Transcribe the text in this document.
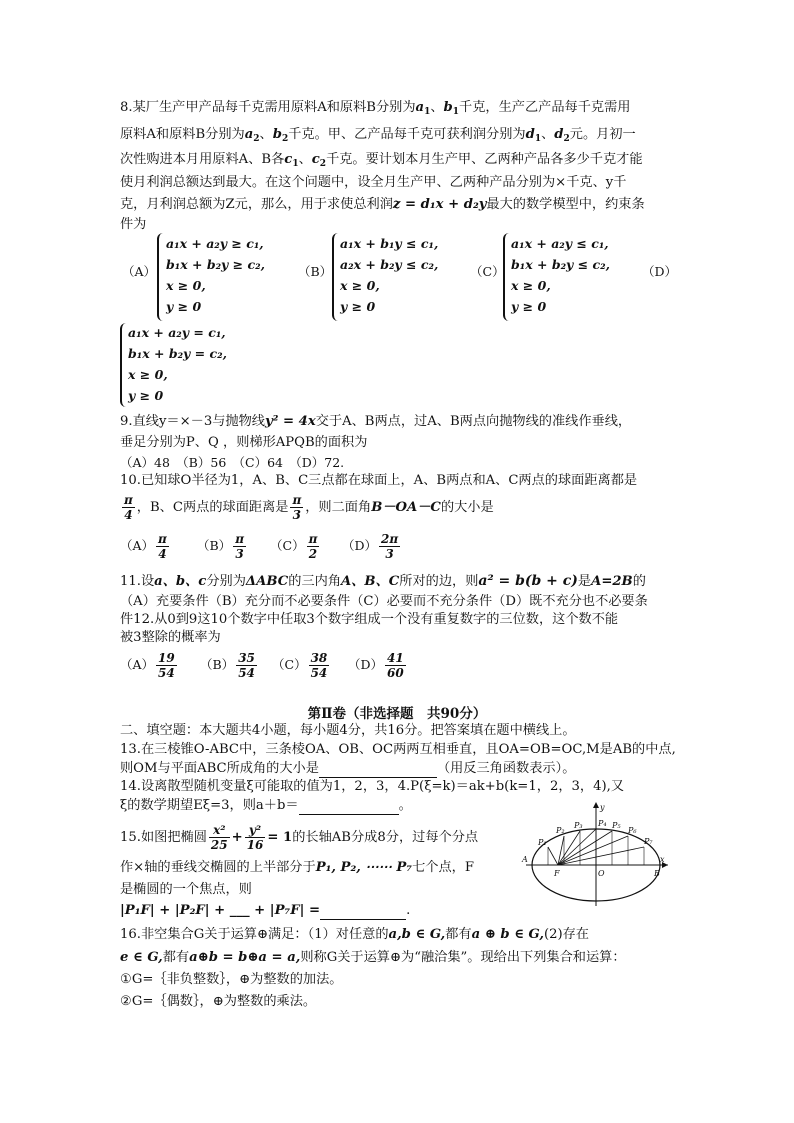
8.某厂生产甲产品每千克需用原料A和原料B分别为$a_1$、$b_1$千克，生产乙产品每千克需用
原料A和原料B分别为$a_2$、$b_2$千克。甲、乙产品每千克可获利润分别为$d_1$、$d_2$元。月初一
次性购进本月用原料A、B各$c_1$、$c_2$千克。要计划本月生产甲、乙两种产品各多少千克才能
使月利润总额达到最大。在这个问题中，设全月生产甲、乙两种产品分别为×千克、y千
克，月利润总额为Z元，那么，用于求使总利润z = d₁x + d₂y最大的数学模型中，约束条
件为
（A）
a₁x + a₂y ≥ c₁,
b₁x + b₂y ≥ c₂,
x ≥ 0,
y ≥ 0
（B）
a₁x + b₁y ≤ c₁,
a₂x + b₂y ≤ c₂,
x ≥ 0,
y ≥ 0
（C）
a₁x + a₂y ≤ c₁,
b₁x + b₂y ≤ c₂,
x ≥ 0,
y ≥ 0
（D）
a₁x + a₂y = c₁,
b₁x + b₂y = c₂,
x ≥ 0,
y ≥ 0
9.直线y＝×－3与抛物线y² = 4x交于A、B两点，过A、B两点向抛物线的准线作垂线，
垂足分别为P、Q ，则梯形APQB的面积为
（A）48　（B）56　（C）64　（D）72.
10.已知球O半径为1，A、B、C三点都在球面上，A、B两点和A、C两点的球面距离都是
$\frac{\pi}{4}$ ，B、C两点的球面距离是 $\frac{\pi}{3}$ ，则二面角B－OA－C的大小是
$(A) \frac{\pi}{4} (B) \frac{\pi}{3} (C) \frac{\pi}{2} (D) \frac{2\pi}{3}$
11.设a、b、c分别为ΔABC的三内角A、B、C所对的边，则a² = b(b + c)是A=2B的
（A）充要条件（B）充分而不必要条件（C）必要而不充分条件（D）既不充分也不必要条
件12.从0到9这10个数字中任取3个数字组成一个没有重复数字的三位数，这个数不能
被3整除的概率为
$(A) \frac{19}{54} (B) \frac{35}{54} (C) \frac{38}{54} (D) \frac{41}{60}$
第Ⅱ卷（非选择题　共90分）
二、填空题：本大题共4小题，每小题4分，共16分。把答案填在题中横线上。
13.在三棱锥O-ABC中，三条棱OA、OB、OC两两互相垂直，且OA=OB=OC,M是AB的中点,
则OM与平面ABC所成角的大小是	（用反三角函数表示）。
14.设离散型随机变量ξ可能取的值为1，2，3，4.P(ξ=k)＝ak+b(k=1，2，3，4),又
ξ的数学期望Eξ=3，则a＋b＝	。
15.如图把椭圆 $\frac{\text{x²}}{25} + \frac{\text{y²}}{16} = 1$的长轴AB分成8分，过每个分点
作×轴的垂线交椭圆的上半部分于P₁, P₂, ⋯⋯ P₇七个点，F
是椭圆的一个焦点，则
|P₁F| + |P₂F| + ___ + |P₇F| =	.
y
x
A
B
F	O
P₁
P₂
P₃ P₄ P₅
P₆
P₇
16.非空集合G关于运算⊕满足：（1）对任意的a,b ∈ G,都有a ⊕ b ∈ G,(2)存在
e ∈ G,都有a⊕b = b⊕a = a,则称G关于运算⊕为“融洽集”。现给出下列集合和运算：
①G=｛非负整数｝，⊕为整数的加法。
②G=｛偶数｝，⊕为整数的乘法。
